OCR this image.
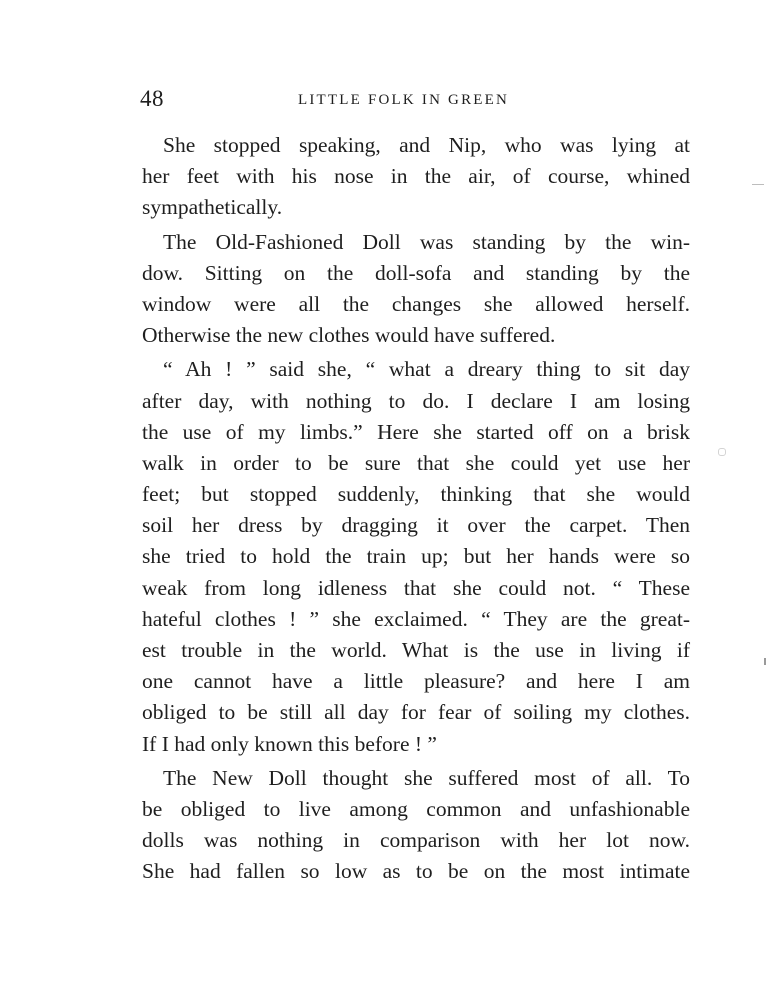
48	LITTLE FOLK IN GREEN
She stopped speaking, and Nip, who was lying at
her feet with his nose in the air, of course, whined
sympathetically.
The Old-Fashioned Doll was standing by the win-
dow. Sitting on the doll-sofa and standing by the
window were all the changes she allowed herself.
Otherwise the new clothes would have suffered.
“ Ah ! ” said she, “ what a dreary thing to sit day
after day, with nothing to do. I declare I am losing
the use of my limbs.” Here she started off on a brisk
walk in order to be sure that she could yet use her
feet; but stopped suddenly, thinking that she would
soil her dress by dragging it over the carpet. Then
she tried to hold the train up; but her hands were so
weak from long idleness that she could not. “ These
hateful clothes ! ” she exclaimed. “ They are the great-
est trouble in the world. What is the use in living if
one cannot have a little pleasure? and here I am
obliged to be still all day for fear of soiling my clothes.
If I had only known this before ! ”
The New Doll thought she suffered most of all. To
be obliged to live among common and unfashionable
dolls was nothing in comparison with her lot now.
She had fallen so low as to be on the most intimate
